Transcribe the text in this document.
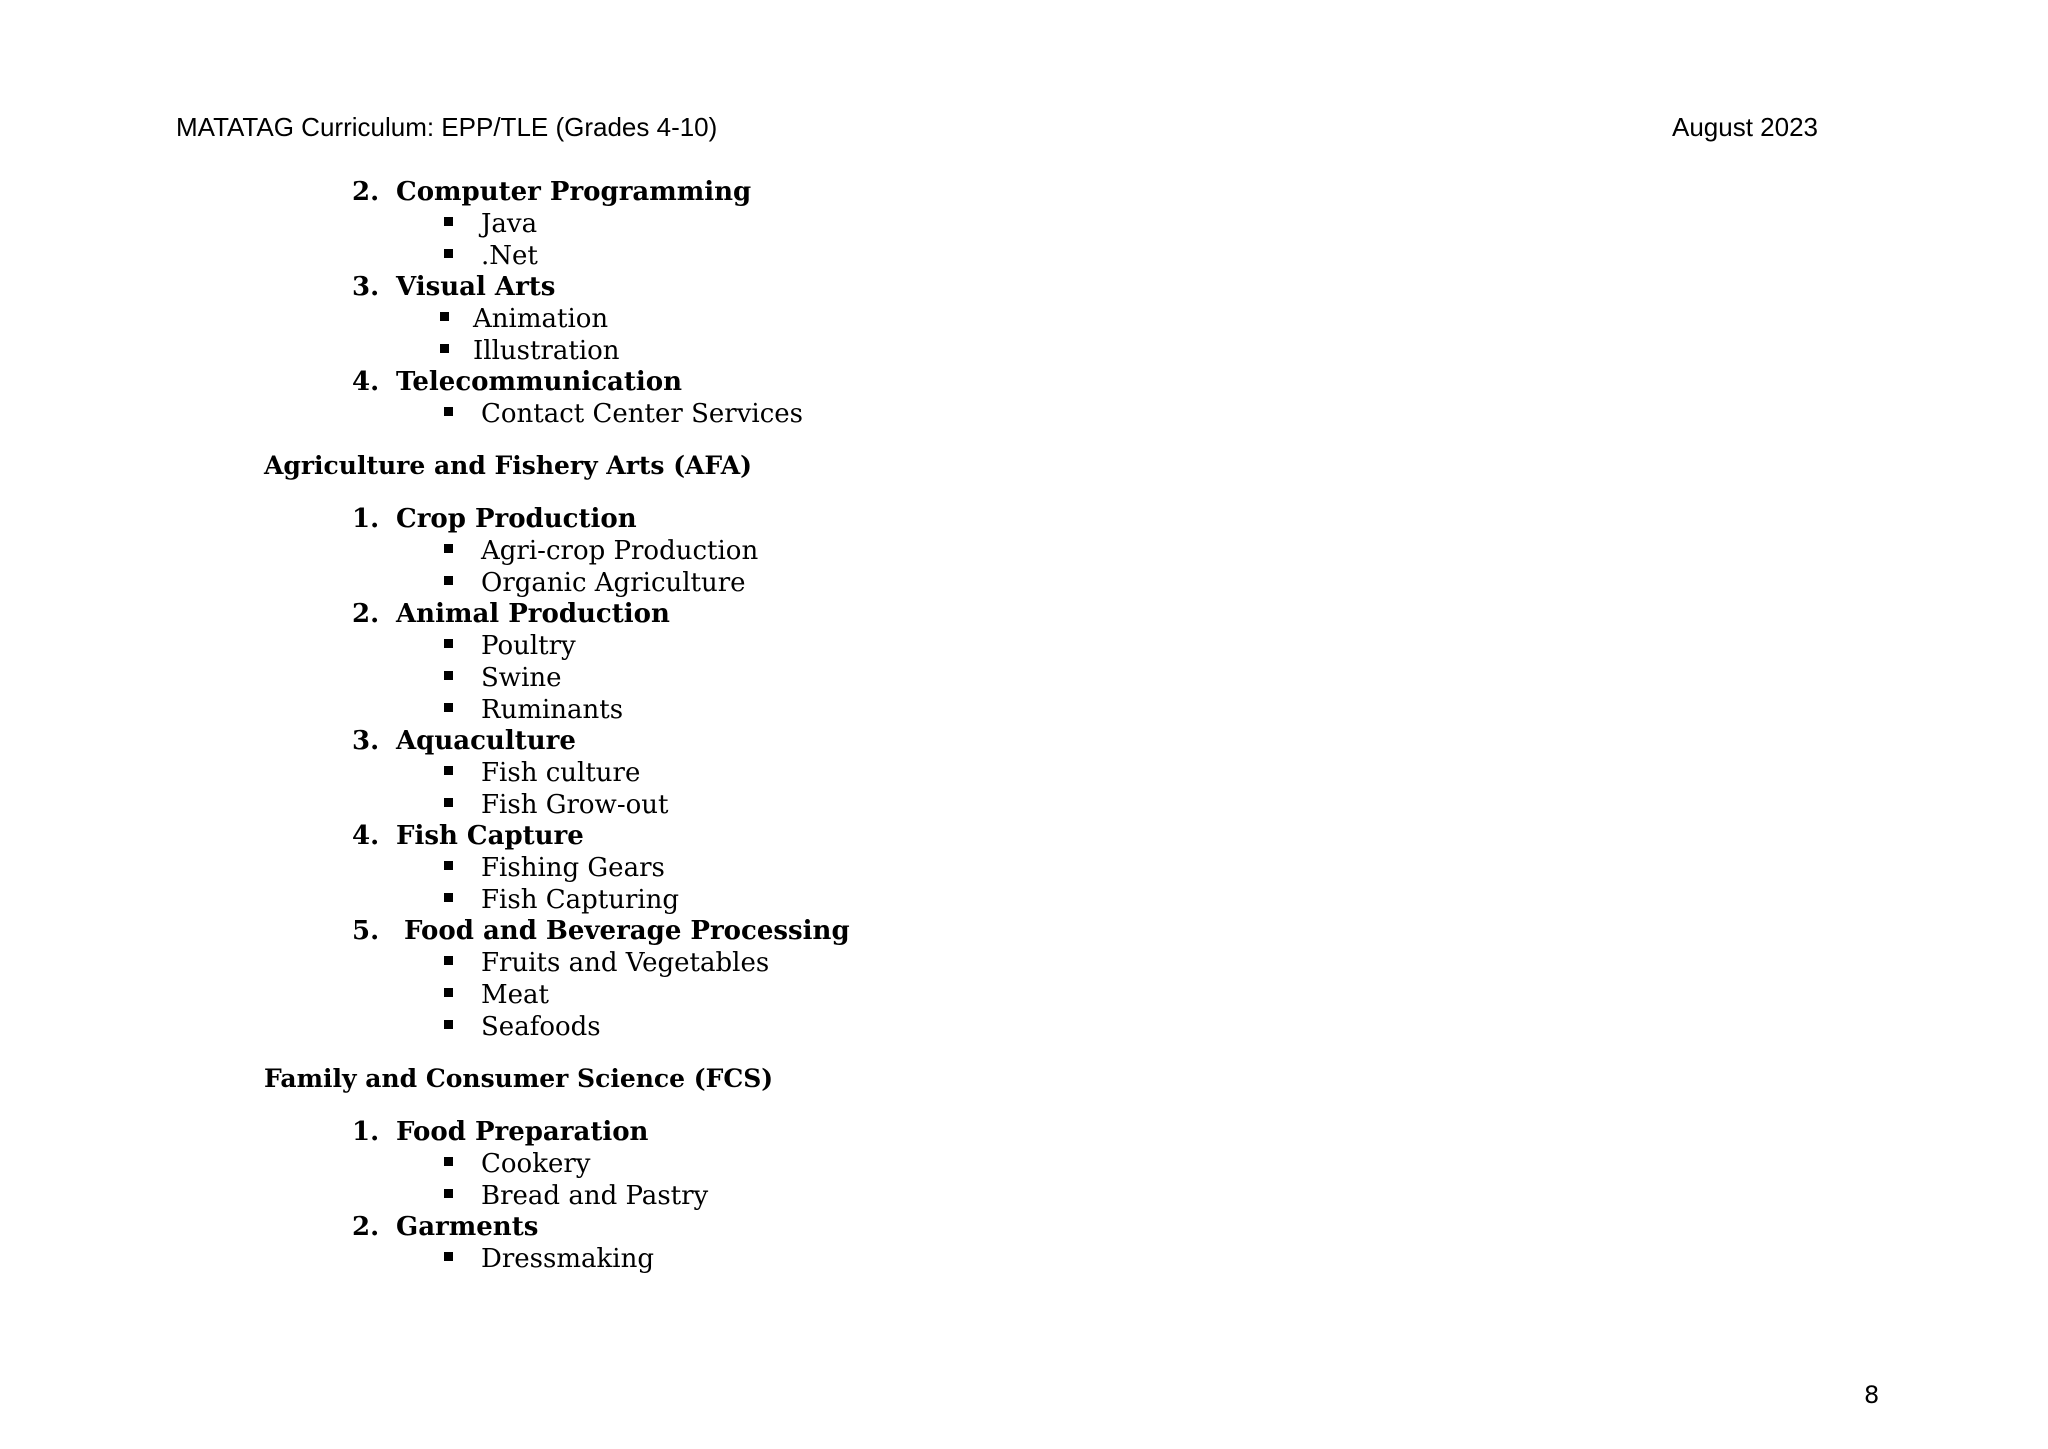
MATATAG Curriculum: EPP/TLE (Grades 4-10)	August 2023
2. Computer Programming
Java
.Net
3. Visual Arts
Animation
Illustration
4. Telecommunication
Contact Center Services
Agriculture and Fishery Arts (AFA)
1. Crop Production
Agri-crop Production
Organic Agriculture
2. Animal Production
Poultry
Swine
Ruminants
3. Aquaculture
Fish culture
Fish Grow-out
4. Fish Capture
Fishing Gears
Fish Capturing
5. Food and Beverage Processing
Fruits and Vegetables
Meat
Seafoods
Family and Consumer Science (FCS)
1. Food Preparation
Cookery
Bread and Pastry
2. Garments
Dressmaking
8
